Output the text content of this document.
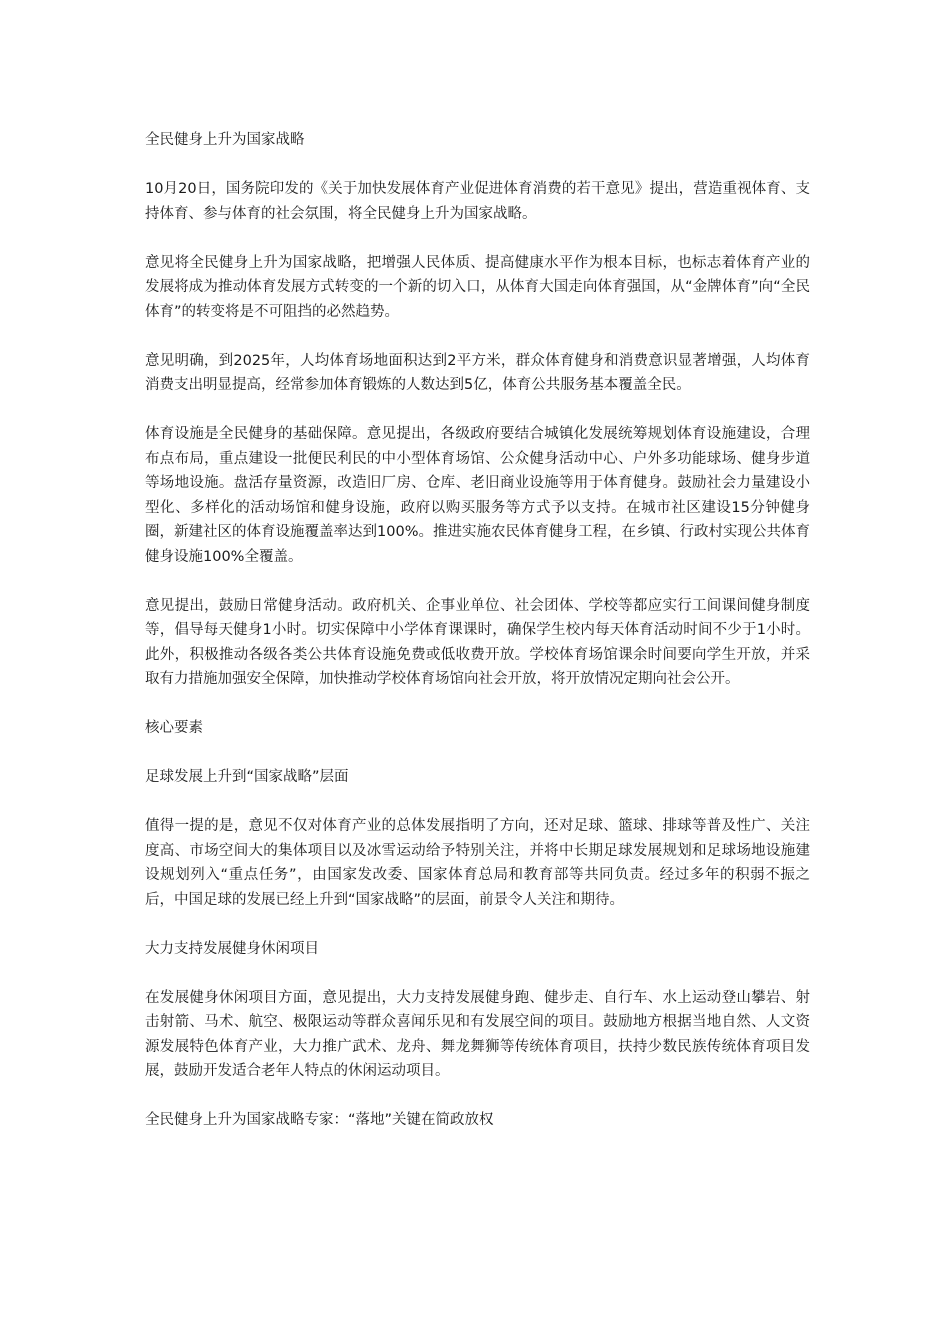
全民健身上升为国家战略

10月20日，国务院印发的《关于加快发展体育产业促进体育消费的若干意见》提出，营造重视体育、支持体育、参与体育的社会氛围，将全民健身上升为国家战略。

意见将全民健身上升为国家战略，把增强人民体质、提高健康水平作为根本目标，也标志着体育产业的发展将成为推动体育发展方式转变的一个新的切入口，从体育大国走向体育强国，从“金牌体育”向“全民体育”的转变将是不可阻挡的必然趋势。

意见明确，到2025年，人均体育场地面积达到2平方米，群众体育健身和消费意识显著增强，人均体育消费支出明显提高，经常参加体育锻炼的人数达到5亿，体育公共服务基本覆盖全民。

体育设施是全民健身的基础保障。意见提出，各级政府要结合城镇化发展统筹规划体育设施建设，合理布点布局，重点建设一批便民利民的中小型体育场馆、公众健身活动中心、户外多功能球场、健身步道等场地设施。盘活存量资源，改造旧厂房、仓库、老旧商业设施等用于体育健身。鼓励社会力量建设小型化、多样化的活动场馆和健身设施，政府以购买服务等方式予以支持。在城市社区建设15分钟健身圈，新建社区的体育设施覆盖率达到100%。推进实施农民体育健身工程，在乡镇、行政村实现公共体育健身设施100%全覆盖。

意见提出，鼓励日常健身活动。政府机关、企事业单位、社会团体、学校等都应实行工间课间健身制度等，倡导每天健身1小时。切实保障中小学体育课课时，确保学生校内每天体育活动时间不少于1小时。此外，积极推动各级各类公共体育设施免费或低收费开放。学校体育场馆课余时间要向学生开放，并采取有力措施加强安全保障，加快推动学校体育场馆向社会开放，将开放情况定期向社会公开。

核心要素

足球发展上升到“国家战略”层面

值得一提的是，意见不仅对体育产业的总体发展指明了方向，还对足球、篮球、排球等普及性广、关注度高、市场空间大的集体项目以及冰雪运动给予特别关注，并将中长期足球发展规划和足球场地设施建设规划列入“重点任务”，由国家发改委、国家体育总局和教育部等共同负责。经过多年的积弱不振之后，中国足球的发展已经上升到“国家战略”的层面，前景令人关注和期待。

大力支持发展健身休闲项目

在发展健身休闲项目方面，意见提出，大力支持发展健身跑、健步走、自行车、水上运动登山攀岩、射击射箭、马术、航空、极限运动等群众喜闻乐见和有发展空间的项目。鼓励地方根据当地自然、人文资源发展特色体育产业，大力推广武术、龙舟、舞龙舞狮等传统体育项目，扶持少数民族传统体育项目发展，鼓励开发适合老年人特点的休闲运动项目。

全民健身上升为国家战略专家：“落地”关键在简政放权
